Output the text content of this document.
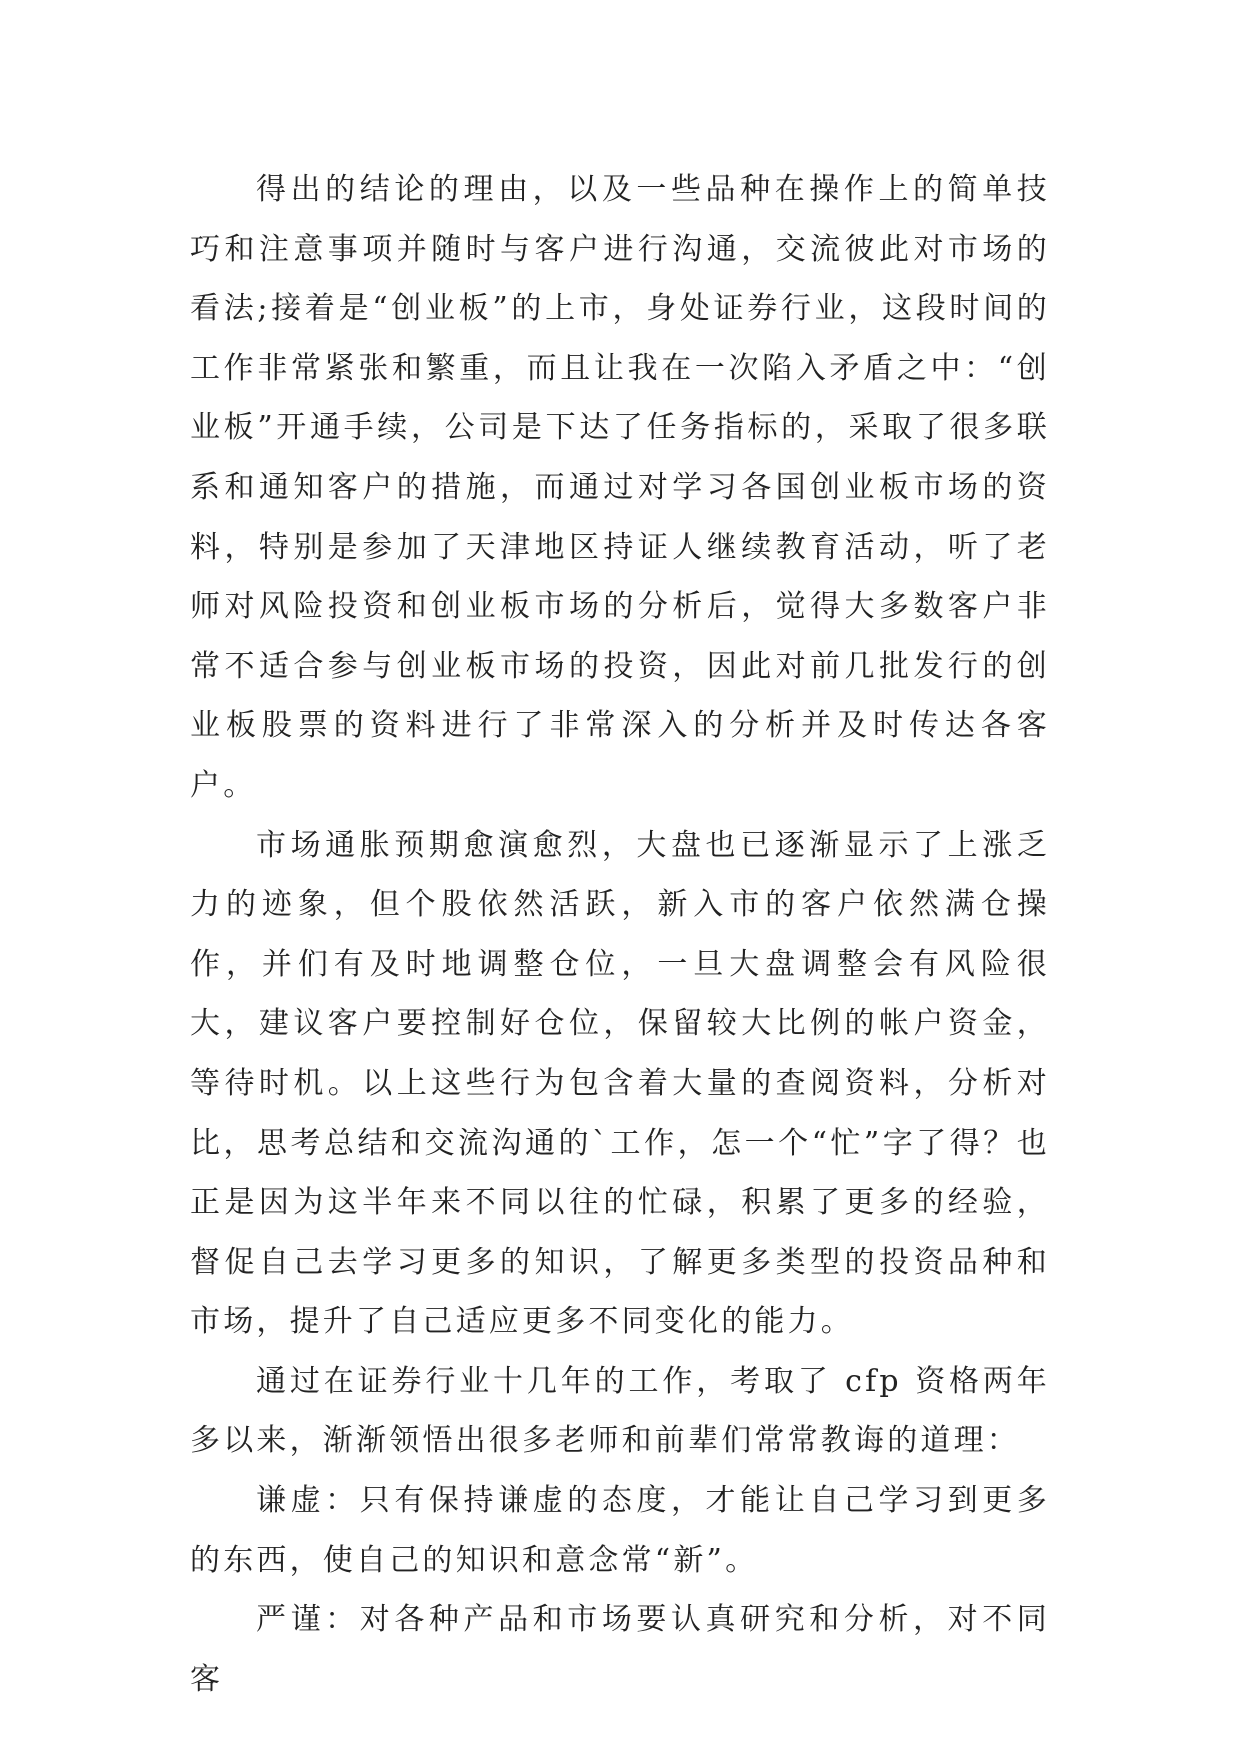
得出的结论的理由，以及一些品种在操作上的简单技巧和注意事项并随时与客户进行沟通，交流彼此对市场的看法;接着是“创业板”的上市，身处证券行业，这段时间的工作非常紧张和繁重，而且让我在一次陷入矛盾之中：“创业板”开通手续，公司是下达了任务指标的，采取了很多联系和通知客户的措施，而通过对学习各国创业板市场的资料，特别是参加了天津地区持证人继续教育活动，听了老师对风险投资和创业板市场的分析后，觉得大多数客户非常不适合参与创业板市场的投资，因此对前几批发行的创业板股票的资料进行了非常深入的分析并及时传达各客户。

市场通胀预期愈演愈烈，大盘也已逐渐显示了上涨乏力的迹象，但个股依然活跃，新入市的客户依然满仓操作，并们有及时地调整仓位，一旦大盘调整会有风险很大，建议客户要控制好仓位，保留较大比例的帐户资金，等待时机。以上这些行为包含着大量的查阅资料，分析对比，思考总结和交流沟通的`工作，怎一个“忙”字了得？也正是因为这半年来不同以往的忙碌，积累了更多的经验，督促自己去学习更多的知识，了解更多类型的投资品种和市场，提升了自己适应更多不同变化的能力。

通过在证券行业十几年的工作，考取了 cfp 资格两年多以来，渐渐领悟出很多老师和前辈们常常教诲的道理：

谦虚：只有保持谦虚的态度，才能让自己学习到更多的东西，使自己的知识和意念常“新”。

严谨：对各种产品和市场要认真研究和分析，对不同客
